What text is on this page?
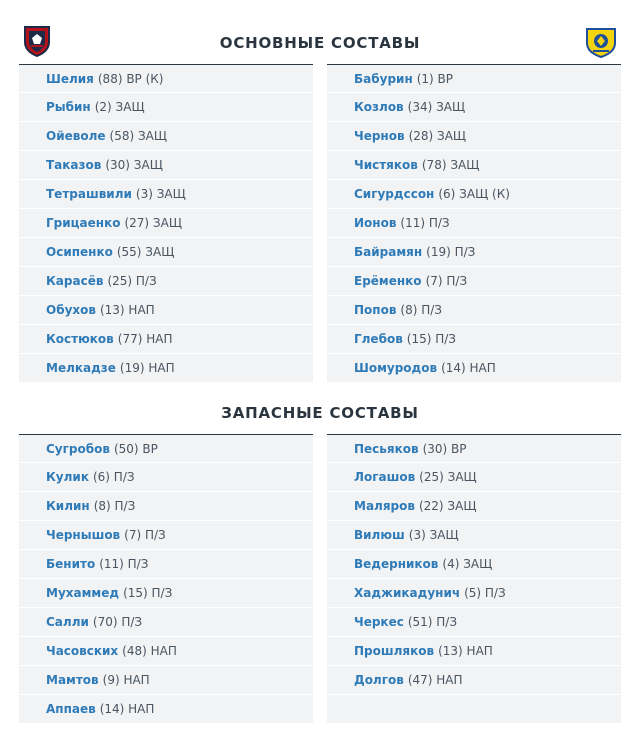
ОСНОВНЫЕ СОСТАВЫ
Шелия (88) ВР (К)
Рыбин (2) ЗАЩ
Ойеволе (58) ЗАЩ
Таказов (30) ЗАЩ
Тетрашвили (3) ЗАЩ
Грицаенко (27) ЗАЩ
Осипенко (55) ЗАЩ
Карасёв (25) П/З
Обухов (13) НАП
Костюков (77) НАП
Мелкадзе (19) НАП
Бабурин (1) ВР
Козлов (34) ЗАЩ
Чернов (28) ЗАЩ
Чистяков (78) ЗАЩ
Сигурдссон (6) ЗАЩ (К)
Ионов (11) П/З
Байрамян (19) П/З
Ерёменко (7) П/З
Попов (8) П/З
Глебов (15) П/З
Шомуродов (14) НАП
ЗАПАСНЫЕ СОСТАВЫ
Сугробов (50) ВР
Кулик (6) П/З
Килин (8) П/З
Чернышов (7) П/З
Бенито (11) П/З
Мухаммед (15) П/З
Салли (70) П/З
Часовских (48) НАП
Мамтов (9) НАП
Аппаев (14) НАП
Песьяков (30) ВР
Логашов (25) ЗАЩ
Маляров (22) ЗАЩ
Вилюш (3) ЗАЩ
Ведерников (4) ЗАЩ
Хаджикадунич (5) П/З
Черкес (51) П/З
Прошляков (13) НАП
Долгов (47) НАП
